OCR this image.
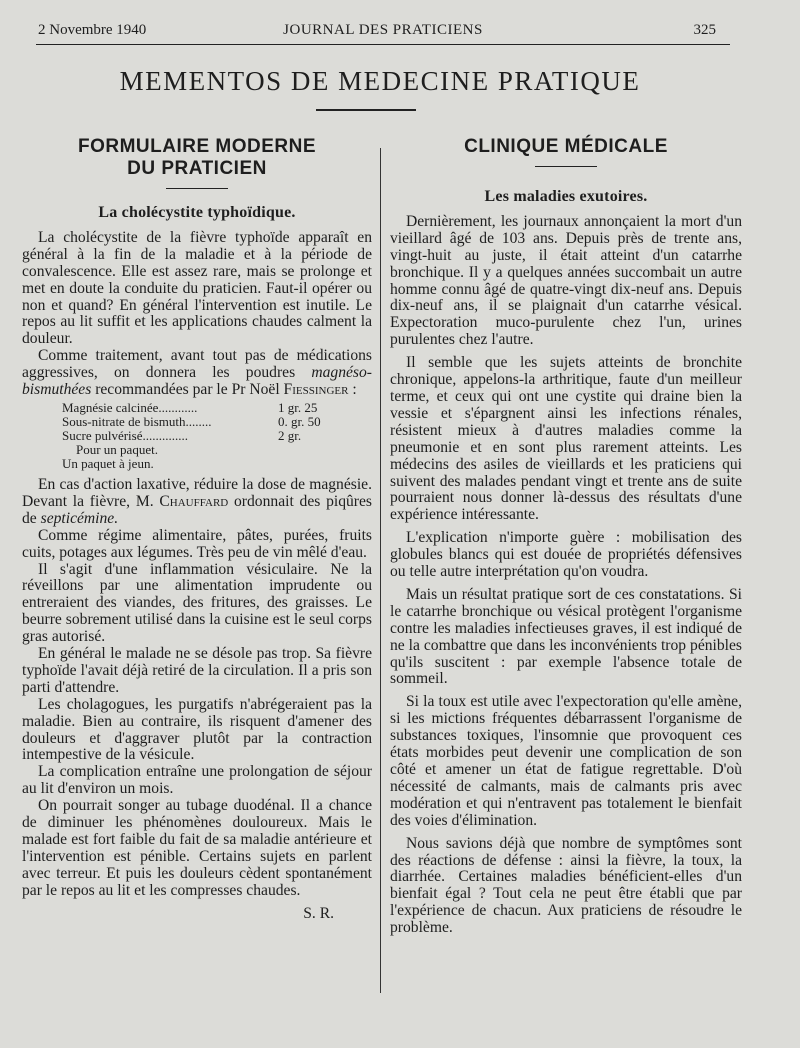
2 Novembre 1940	JOURNAL DES PRATICIENS	325
MEMENTOS DE MEDECINE PRATIQUE
FORMULAIRE MODERNE
DU PRATICIEN
La cholécystite typhoïdique.

La cholécystite de la fièvre typhoïde apparaît en général à la fin de la maladie et à la période de convalescence. Elle est assez rare, mais se prolonge et met en doute la conduite du praticien. Faut-il opérer ou non et quand? En général l'intervention est inutile. Le repos au lit suffit et les applications chaudes calment la douleur.

Comme traitement, avant tout pas de médications aggressives, on donnera les poudres magnéso-bismuthées recommandées par le Pr Noël Fiessinger :

Magnésie calcinée............	1 gr. 25
Sous-nitrate de bismuth........	0. gr. 50
Sucre pulvérisé..............	2 gr.
Pour un paquet.
Un paquet à jeun.

En cas d'action laxative, réduire la dose de magnésie. Devant la fièvre, M. Chauffard ordonnait des piqûres de septicémine.

Comme régime alimentaire, pâtes, purées, fruits cuits, potages aux légumes. Très peu de vin mêlé d'eau.

Il s'agit d'une inflammation vésiculaire. Ne la réveillons par une alimentation imprudente ou entreraient des viandes, des fritures, des graisses. Le beurre sobrement utilisé dans la cuisine est le seul corps gras autorisé.

En général le malade ne se désole pas trop. Sa fièvre typhoïde l'avait déjà retiré de la circulation. Il a pris son parti d'attendre.

Les cholagogues, les purgatifs n'abrégeraient pas la maladie. Bien au contraire, ils risquent d'amener des douleurs et d'aggraver plutôt par la contraction intempestive de la vésicule.

La complication entraîne une prolongation de séjour au lit d'environ un mois.

On pourrait songer au tubage duodénal. Il a chance de diminuer les phénomènes douloureux. Mais le malade est fort faible du fait de sa maladie antérieure et l'intervention est pénible. Certains sujets en parlent avec terreur. Et puis les douleurs cèdent spontanément par le repos au lit et les compresses chaudes.

S. R.
CLINIQUE MÉDICALE
Les maladies exutoires.

Dernièrement, les journaux annonçaient la mort d'un vieillard âgé de 103 ans. Depuis près de trente ans, vingt-huit au juste, il était atteint d'un catarrhe bronchique. Il y a quelques années succombait un autre homme connu âgé de quatre-vingt dix-neuf ans. Depuis dix-neuf ans, il se plaignait d'un catarrhe vésical. Expectoration muco-purulente chez l'un, urines purulentes chez l'autre.

Il semble que les sujets atteints de bronchite chronique, appelons-la arthritique, faute d'un meilleur terme, et ceux qui ont une cystite qui draine bien la vessie et s'épargnent ainsi les infections rénales, résistent mieux à d'autres maladies comme la pneumonie et en sont plus rarement atteints. Les médecins des asiles de vieillards et les praticiens qui suivent des malades pendant vingt et trente ans de suite pourraient nous donner là-dessus des résultats d'une expérience intéressante.

L'explication n'importe guère : mobilisation des globules blancs qui est douée de propriétés défensives ou telle autre interprétation qu'on voudra.

Mais un résultat pratique sort de ces constatations. Si le catarrhe bronchique ou vésical protègent l'organisme contre les maladies infectieuses graves, il est indiqué de ne la combattre que dans les inconvénients trop pénibles qu'ils suscitent : par exemple l'absence totale de sommeil.

Si la toux est utile avec l'expectoration qu'elle amène, si les mictions fréquentes débarrassent l'organisme de substances toxiques, l'insomnie que provoquent ces états morbides peut devenir une complication de son côté et amener un état de fatigue regrettable. D'où nécessité de calmants, mais de calmants pris avec modération et qui n'entravent pas totalement le bienfait des voies d'élimination.

Nous savions déjà que nombre de symptômes sont des réactions de défense : ainsi la fièvre, la toux, la diarrhée. Certaines maladies bénéficient-elles d'un bienfait égal ? Tout cela ne peut être établi que par l'expérience de chacun. Aux praticiens de résoudre le problème.
